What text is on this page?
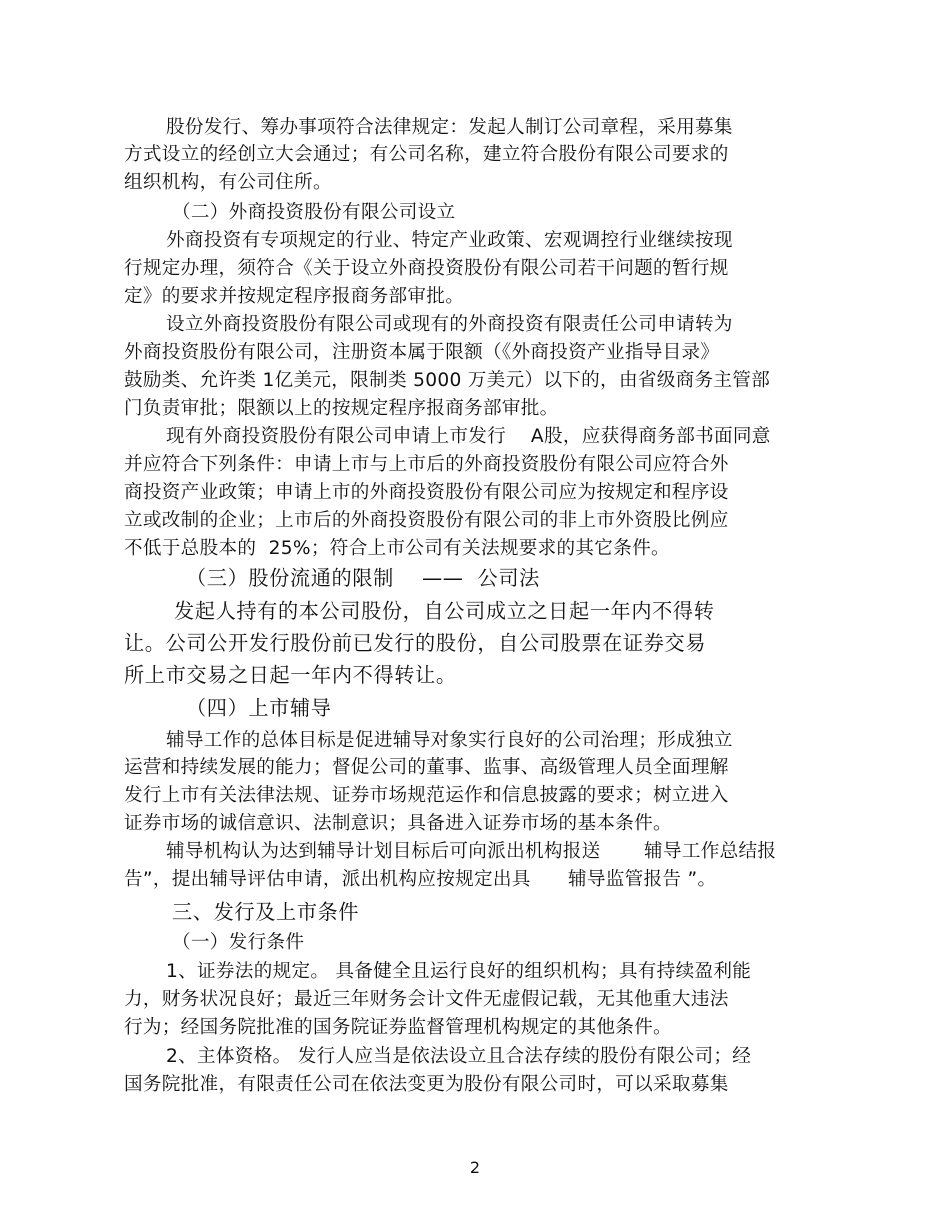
股份发行、筹办事项符合法律规定：发起人制订公司章程，采用募集

方式设立的经创立大会通过；有公司名称，建立符合股份有限公司要求的

组织机构，有公司住所。

（二）外商投资股份有限公司设立

外商投资有专项规定的行业、特定产业政策、宏观调控行业继续按现

行规定办理，须符合《关于设立外商投资股份有限公司若干问题的暂行规

定》的要求并按规定程序报商务部审批。

设立外商投资股份有限公司或现有的外商投资有限责任公司申请转为

外商投资股份有限公司，注册资本属于限额（《外商投资产业指导目录》

鼓励类、允许类 1亿美元，限制类 5000 万美元）以下的，由省级商务主管部

门负责审批；限额以上的按规定程序报商务部审批。

现有外商投资股份有限公司申请上市发行    A股，应获得商务部书面同意

并应符合下列条件：申请上市与上市后的外商投资股份有限公司应符合外

商投资产业政策；申请上市的外商投资股份有限公司应为按规定和程序设

立或改制的企业；上市后的外商投资股份有限公司的非上市外资股比例应

不低于总股本的  25%；符合上市公司有关法规要求的其它条件。

（三）股份流通的限制    ——  公司法

发起人持有的本公司股份，自公司成立之日起一年内不得转

让。公司公开发行股份前已发行的股份，自公司股票在证券交易

所上市交易之日起一年内不得转让。

（四）上市辅导

辅导工作的总体目标是促进辅导对象实行良好的公司治理；形成独立

运营和持续发展的能力；督促公司的董事、监事、高级管理人员全面理解

发行上市有关法律法规、证券市场规范运作和信息披露的要求；树立进入

证券市场的诚信意识、法制意识；具备进入证券市场的基本条件。

辅导机构认为达到辅导计划目标后可向派出机构报送       辅导工作总结报

告”，提出辅导评估申请，派出机构应按规定出具      辅导监管报告 ”。

三、发行及上市条件

（一）发行条件

1、证券法的规定。 具备健全且运行良好的组织机构；具有持续盈利能

力，财务状况良好；最近三年财务会计文件无虚假记载，无其他重大违法

行为；经国务院批准的国务院证券监督管理机构规定的其他条件。

2、主体资格。 发行人应当是依法设立且合法存续的股份有限公司；经

国务院批准，有限责任公司在依法变更为股份有限公司时，可以采取募集

2
